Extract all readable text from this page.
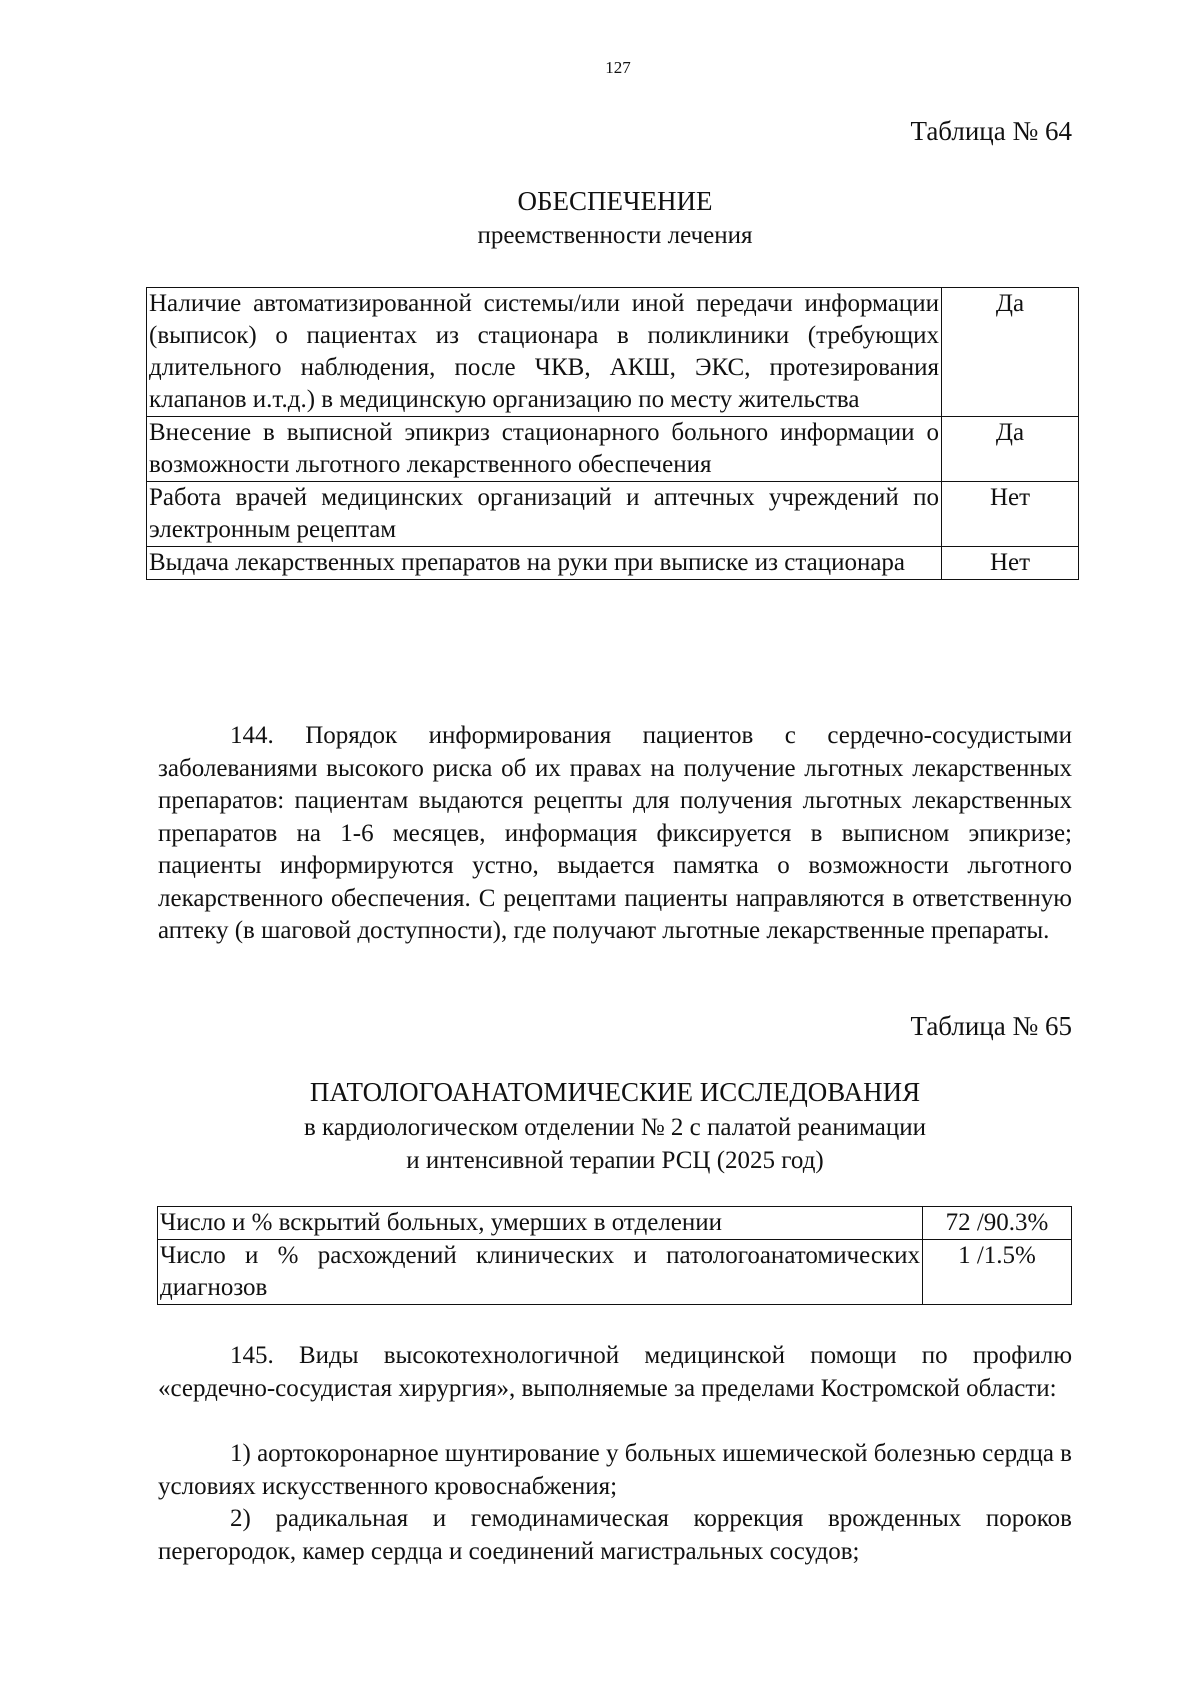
127
Таблица № 64
ОБЕСПЕЧЕНИЕ
преемственности лечения
Наличие автоматизированной системы/или иной передачи информации (выписок) о пациентах из стационара в поликлиники (требующих длительного наблюдения, после ЧКВ, АКШ, ЭКС, протезирования клапанов и.т.д.) в медицинскую организацию по месту жительства	Да
Внесение в выписной эпикриз стационарного больного информации о возможности льготного лекарственного обеспечения	Да
Работа врачей медицинских организаций и аптечных учреждений по электронным рецептам	Нет
Выдача лекарственных препаратов на руки при выписке из стационара	Нет

144. Порядок информирования пациентов с сердечно-сосудистыми заболеваниями высокого риска об их правах на получение льготных лекарственных препаратов: пациентам выдаются рецепты для получения льготных лекарственных препаратов на 1-6 месяцев, информация фиксируется в выписном эпикризе; пациенты информируются устно, выдается памятка о возможности льготного лекарственного обеспечения. С рецептами пациенты направляются в ответственную аптеку (в шаговой доступности), где получают льготные лекарственные препараты.

Таблица № 65
ПАТОЛОГОАНАТОМИЧЕСКИЕ ИССЛЕДОВАНИЯ
в кардиологическом отделении № 2 с палатой реанимации
и интенсивной терапии РСЦ (2025 год)
Число и % вскрытий больных, умерших в отделении	72 /90.3%
Число и % расхождений клинических и патологоанатомических диагнозов	1 /1.5%

145. Виды высокотехнологичной медицинской помощи по профилю «сердечно-сосудистая хирургия», выполняемые за пределами Костромской области:

1) аортокоронарное шунтирование у больных ишемической болезнью сердца в условиях искусственного кровоснабжения;

2) радикальная и гемодинамическая коррекция врожденных пороков перегородок, камер сердца и соединений магистральных сосудов;
